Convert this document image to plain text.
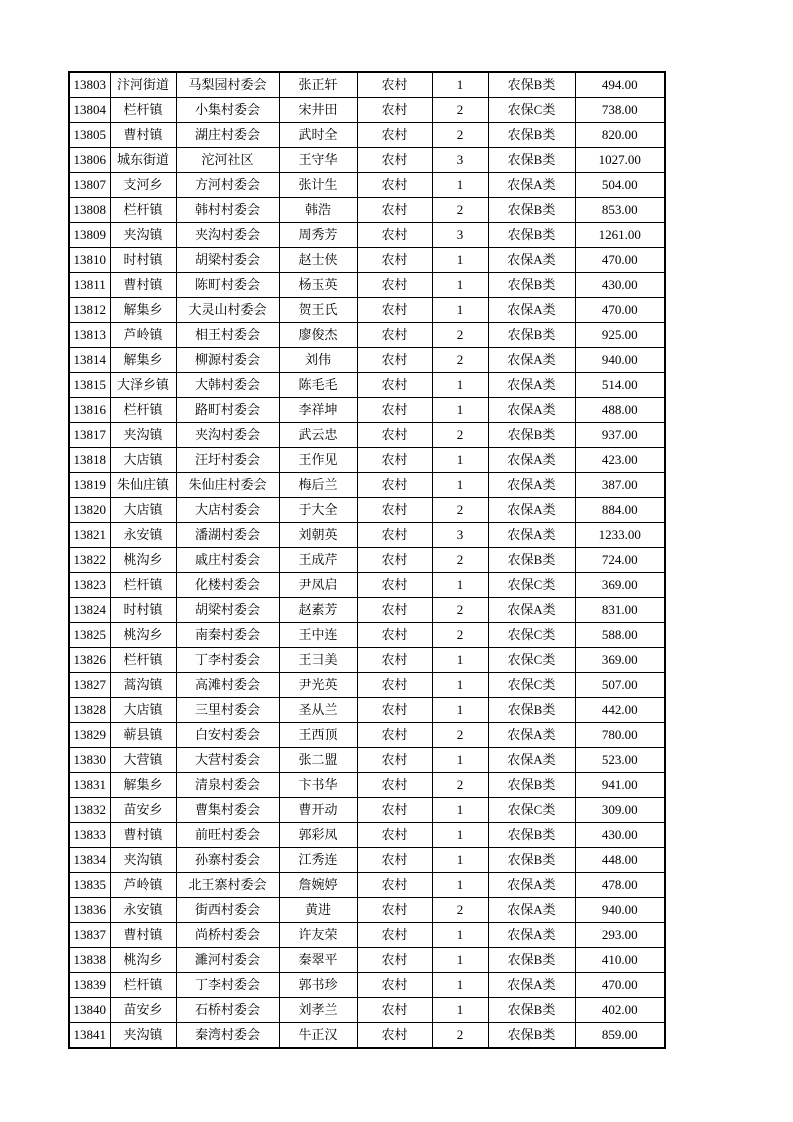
13803	汴河街道	马梨园村委会	张正轩	农村	1	农保B类	494.00
13804	栏杆镇	小集村委会	宋井田	农村	2	农保C类	738.00
13805	曹村镇	湖庄村委会	武时全	农村	2	农保B类	820.00
13806	城东街道	沱河社区	王守华	农村	3	农保B类	1027.00
13807	支河乡	方河村委会	张计生	农村	1	农保A类	504.00
13808	栏杆镇	韩村村委会	韩浩	农村	2	农保B类	853.00
13809	夹沟镇	夹沟村委会	周秀芳	农村	3	农保B类	1261.00
13810	时村镇	胡梁村委会	赵士侠	农村	1	农保A类	470.00
13811	曹村镇	陈町村委会	杨玉英	农村	1	农保B类	430.00
13812	解集乡	大灵山村委会	贺王氏	农村	1	农保A类	470.00
13813	芦岭镇	相王村委会	廖俊杰	农村	2	农保B类	925.00
13814	解集乡	柳源村委会	刘伟	农村	2	农保A类	940.00
13815	大泽乡镇	大韩村委会	陈毛毛	农村	1	农保A类	514.00
13816	栏杆镇	路町村委会	李祥坤	农村	1	农保A类	488.00
13817	夹沟镇	夹沟村委会	武云忠	农村	2	农保B类	937.00
13818	大店镇	汪圩村委会	王作见	农村	1	农保A类	423.00
13819	朱仙庄镇	朱仙庄村委会	梅后兰	农村	1	农保A类	387.00
13820	大店镇	大店村委会	于大全	农村	2	农保A类	884.00
13821	永安镇	潘湖村委会	刘朝英	农村	3	农保A类	1233.00
13822	桃沟乡	戚庄村委会	王成芹	农村	2	农保B类	724.00
13823	栏杆镇	化楼村委会	尹凤启	农村	1	农保C类	369.00
13824	时村镇	胡梁村委会	赵素芳	农村	2	农保A类	831.00
13825	桃沟乡	南秦村委会	王中连	农村	2	农保C类	588.00
13826	栏杆镇	丁李村委会	王彐美	农村	1	农保C类	369.00
13827	蒿沟镇	高滩村委会	尹光英	农村	1	农保C类	507.00
13828	大店镇	三里村委会	圣从兰	农村	1	农保B类	442.00
13829	蕲县镇	白安村委会	王西顶	农村	2	农保A类	780.00
13830	大营镇	大营村委会	张二盟	农村	1	农保A类	523.00
13831	解集乡	清泉村委会	卞书华	农村	2	农保B类	941.00
13832	苗安乡	曹集村委会	曹开动	农村	1	农保C类	309.00
13833	曹村镇	前旺村委会	郭彩凤	农村	1	农保B类	430.00
13834	夹沟镇	孙寨村委会	江秀连	农村	1	农保B类	448.00
13835	芦岭镇	北王寨村委会	詹婉婷	农村	1	农保A类	478.00
13836	永安镇	街西村委会	黄进	农村	2	农保A类	940.00
13837	曹村镇	尚桥村委会	许友荣	农村	1	农保A类	293.00
13838	桃沟乡	濉河村委会	秦翠平	农村	1	农保B类	410.00
13839	栏杆镇	丁李村委会	郭书珍	农村	1	农保A类	470.00
13840	苗安乡	石桥村委会	刘孝兰	农村	1	农保B类	402.00
13841	夹沟镇	秦湾村委会	牛正汉	农村	2	农保B类	859.00
